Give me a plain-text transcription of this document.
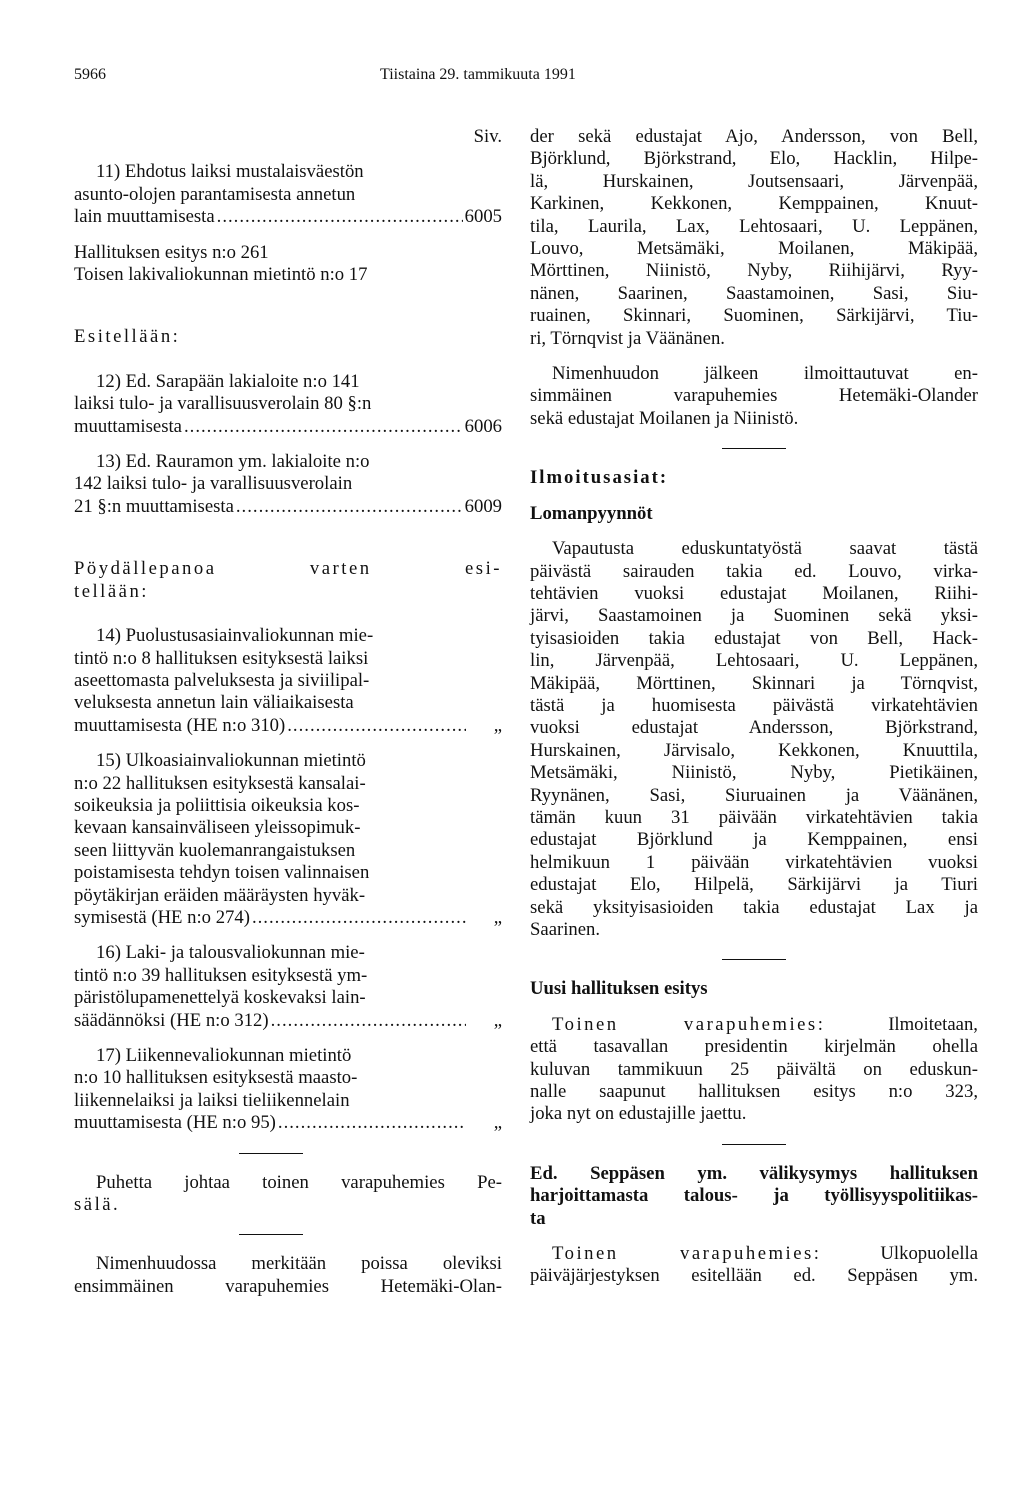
5966	Tiistaina 29. tammikuuta 1991

Siv.

11) Ehdotus laiksi mustalaisväestön

asunto-olojen parantamisesta annetun

lain muuttamisesta .....	6005

Hallituksen esitys n:o 261

Toisen lakivaliokunnan mietintö n:o 17

Esitellään:

12) Ed. Sarapään lakialoite n:o 141

laiksi tulo- ja varallisuusverolain 80 §:n

muuttamisesta .....	6006

13) Ed. Rauramon ym. lakialoite n:o

142 laiksi tulo- ja varallisuusverolain

21 §:n muuttamisesta .....	6009

Pöydällepanoa varten esi-

tellään:

14) Puolustusasiainvaliokunnan mie-

tintö n:o 8 hallituksen esityksestä laiksi

aseettomasta palveluksesta ja siviilipal-

veluksesta annetun lain väliaikaisesta

muuttamisesta (HE n:o 310) .....	„

15) Ulkoasiainvaliokunnan mietintö

n:o 22 hallituksen esityksestä kansalai-

soikeuksia ja poliittisia oikeuksia kos-

kevaan kansainväliseen yleissopimuk-

seen liittyvän kuolemanrangaistuksen

poistamisesta tehdyn toisen valinnaisen

pöytäkirjan eräiden määräysten hyväk-

symisestä (HE n:o 274) .....	„

16) Laki- ja talousvaliokunnan mie-

tintö n:o 39 hallituksen esityksestä ym-

päristölupamenettelyä koskevaksi lain-

säädännöksi (HE n:o 312) .....	„

17) Liikennevaliokunnan mietintö

n:o 10 hallituksen esityksestä maasto-

liikennelaiksi ja laiksi tieliikennelain

muuttamisesta (HE n:o 95) .....	„

Puhetta johtaa toinen varapuhemies Pe-

sälä.

Nimenhuudossa merkitään poissa oleviksi

ensimmäinen varapuhemies Hetemäki-Olan-

der sekä edustajat Ajo, Andersson, von Bell,

Björklund, Björkstrand, Elo, Hacklin, Hilpe-

lä, Hurskainen, Joutsensaari, Järvenpää,

Karkinen, Kekkonen, Kemppainen, Knuut-

tila, Laurila, Lax, Lehtosaari, U. Leppänen,

Louvo, Metsämäki, Moilanen, Mäkipää,

Mörttinen, Niinistö, Nyby, Riihijärvi, Ryy-

nänen, Saarinen, Saastamoinen, Sasi, Siu-

ruainen, Skinnari, Suominen, Särkijärvi, Tiu-

ri, Törnqvist ja Väänänen.

Nimenhuudon jälkeen ilmoittautuvat en-

simmäinen varapuhemies Hetemäki-Olander

sekä edustajat Moilanen ja Niinistö.

Ilmoitusasiat:

Lomanpyynnöt

Vapautusta eduskuntatyöstä saavat tästä

päivästä sairauden takia ed. Louvo, virka-

tehtävien vuoksi edustajat Moilanen, Riihi-

järvi, Saastamoinen ja Suominen sekä yksi-

tyisasioiden takia edustajat von Bell, Hack-

lin, Järvenpää, Lehtosaari, U. Leppänen,

Mäkipää, Mörttinen, Skinnari ja Törnqvist,

tästä ja huomisesta päivästä virkatehtävien

vuoksi edustajat Andersson, Björkstrand,

Hurskainen, Järvisalo, Kekkonen, Knuuttila,

Metsämäki, Niinistö, Nyby, Pietikäinen,

Ryynänen, Sasi, Siuruainen ja Väänänen,

tämän kuun 31 päivään virkatehtävien takia

edustajat Björklund ja Kemppainen, ensi

helmikuun 1 päivään virkatehtävien vuoksi

edustajat Elo, Hilpelä, Särkijärvi ja Tiuri

sekä yksityisasioiden takia edustajat Lax ja

Saarinen.

Uusi hallituksen esitys

Toinen varapuhemies: Ilmoitetaan,

että tasavallan presidentin kirjelmän ohella

kuluvan tammikuun 25 päivältä on eduskun-

nalle saapunut hallituksen esitys n:o 323,

joka nyt on edustajille jaettu.

Ed. Seppäsen ym. välikysymys hallituksen

harjoittamasta talous- ja työllisyyspolitiikas-

ta

Toinen varapuhemies: Ulkopuolella

päiväjärjestyksen esitellään ed. Seppäsen ym.
